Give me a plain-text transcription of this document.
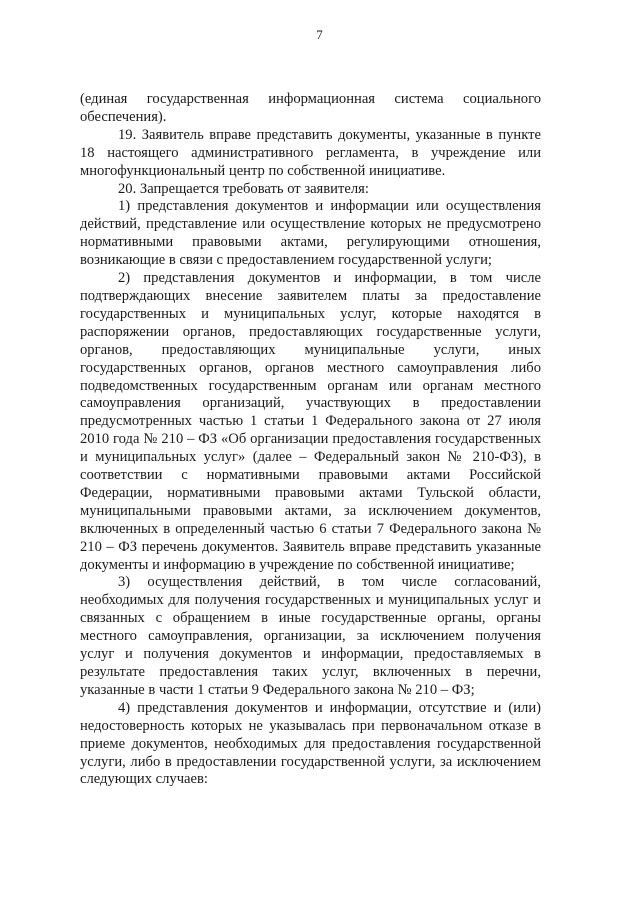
7

(единая государственная информационная система социального обеспечения).

19. Заявитель вправе представить документы, указанные в пункте 18 настоящего административного регламента, в учреждение или многофункциональный центр по собственной инициативе.

20. Запрещается требовать от заявителя:

1) представления документов и информации или осуществления действий, представление или осуществление которых не предусмотрено нормативными правовыми актами, регулирующими отношения, возникающие в связи с предоставлением государственной услуги;

2) представления документов и информации, в том числе подтверждающих внесение заявителем платы за предоставление государственных и муниципальных услуг, которые находятся в распоряжении органов, предоставляющих государственные услуги, органов, предоставляющих муниципальные услуги, иных государственных органов, органов местного самоуправления либо подведомственных государственным органам или органам местного самоуправления организаций, участвующих в предоставлении предусмотренных частью 1 статьи 1 Федерального закона от 27 июля 2010 года № 210 – ФЗ «Об организации предоставления государственных и муниципальных услуг» (далее – Федеральный закон № 210-ФЗ), в соответствии с нормативными правовыми актами Российской Федерации, нормативными правовыми актами Тульской области, муниципальными правовыми актами, за исключением документов, включенных в определенный частью 6 статьи 7 Федерального закона № 210 – ФЗ перечень документов. Заявитель вправе представить указанные документы и информацию в учреждение по собственной инициативе;

3) осуществления действий, в том числе согласований, необходимых для получения государственных и муниципальных услуг и связанных с обращением в иные государственные органы, органы местного самоуправления, организации, за исключением получения услуг и получения документов и информации, предоставляемых в результате предоставления таких услуг, включенных в перечни, указанные в части 1 статьи 9 Федерального закона № 210 – ФЗ;

4) представления документов и информации, отсутствие и (или) недостоверность которых не указывалась при первоначальном отказе в приеме документов, необходимых для предоставления государственной услуги, либо в предоставлении государственной услуги, за исключением следующих случаев:
